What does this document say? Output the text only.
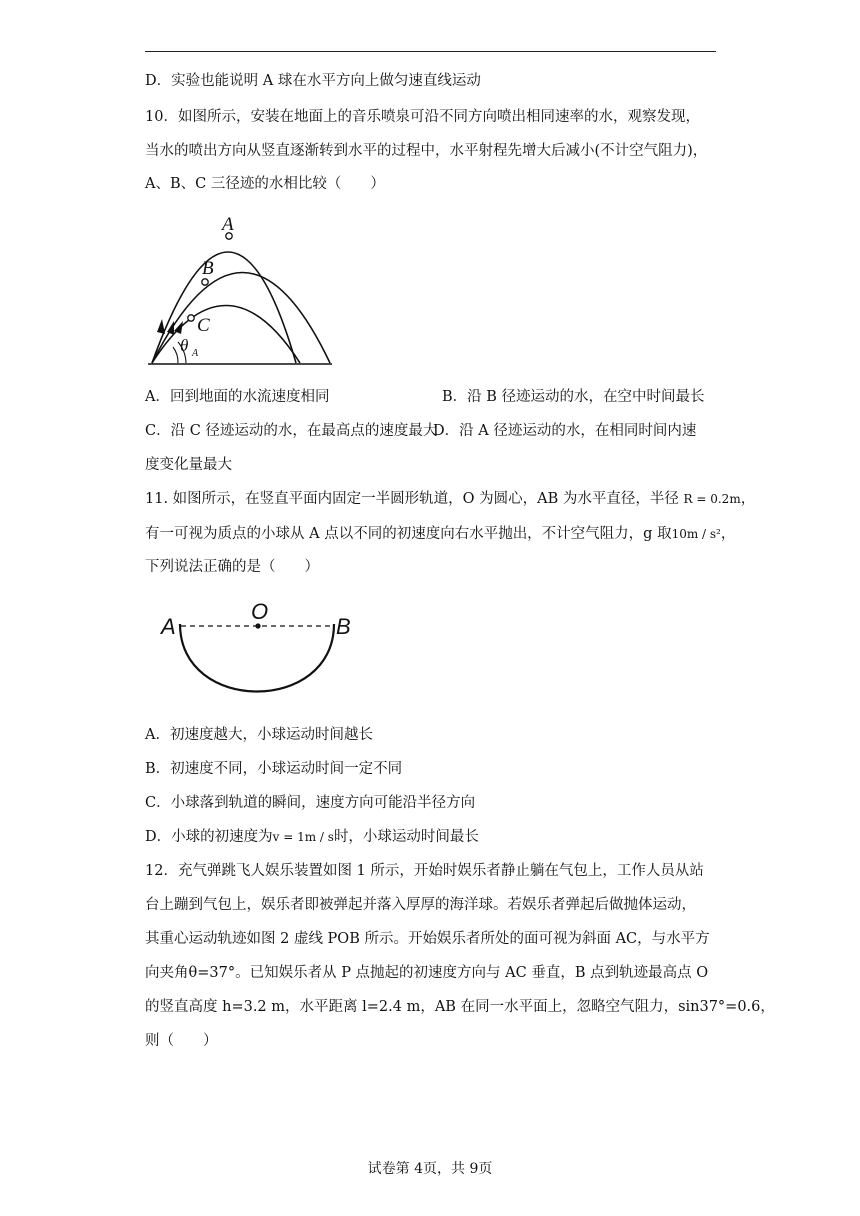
D．实验也能说明 A 球在水平方向上做匀速直线运动
10．如图所示，安装在地面上的音乐喷泉可沿不同方向喷出相同速率的水，观察发现，
当水的喷出方向从竖直逐渐转到水平的过程中，水平射程先增大后减小(不计空气阻力)，
A、B、C 三径迹的水相比较（　　）
A
B
C
θ A
A．回到地面的水流速度相同	B．沿 B 径迹运动的水，在空中时间最长
C．沿 C 径迹运动的水，在最高点的速度最大
D．沿 A 径迹运动的水，在相同时间内速
度变化量最大
11. 如图所示，在竖直平面内固定一半圆形轨道，O 为圆心，AB 为水平直径，半径 R = 0.2m，
有一可视为质点的小球从 A 点以不同的初速度向右水平抛出，不计空气阻力，g 取10m / s²，
下列说法正确的是（　　）
A
O
B
A．初速度越大，小球运动时间越长
B．初速度不同，小球运动时间一定不同
C．小球落到轨道的瞬间，速度方向可能沿半径方向
D．小球的初速度为v = 1m / s时，小球运动时间最长
12．充气弹跳飞人娱乐装置如图 1 所示，开始时娱乐者静止躺在气包上，工作人员从站
台上蹦到气包上，娱乐者即被弹起并落入厚厚的海洋球。若娱乐者弹起后做抛体运动，
其重心运动轨迹如图 2 虚线 POB 所示。开始娱乐者所处的面可视为斜面 AC，与水平方
向夹角θ=37°。已知娱乐者从 P 点抛起的初速度方向与 AC 垂直，B 点到轨迹最高点 O
的竖直高度 h=3.2 m，水平距离 l=2.4 m，AB 在同一水平面上，忽略空气阻力，sin37°=0.6，
则（　　）
试卷第 4页，共 9页
